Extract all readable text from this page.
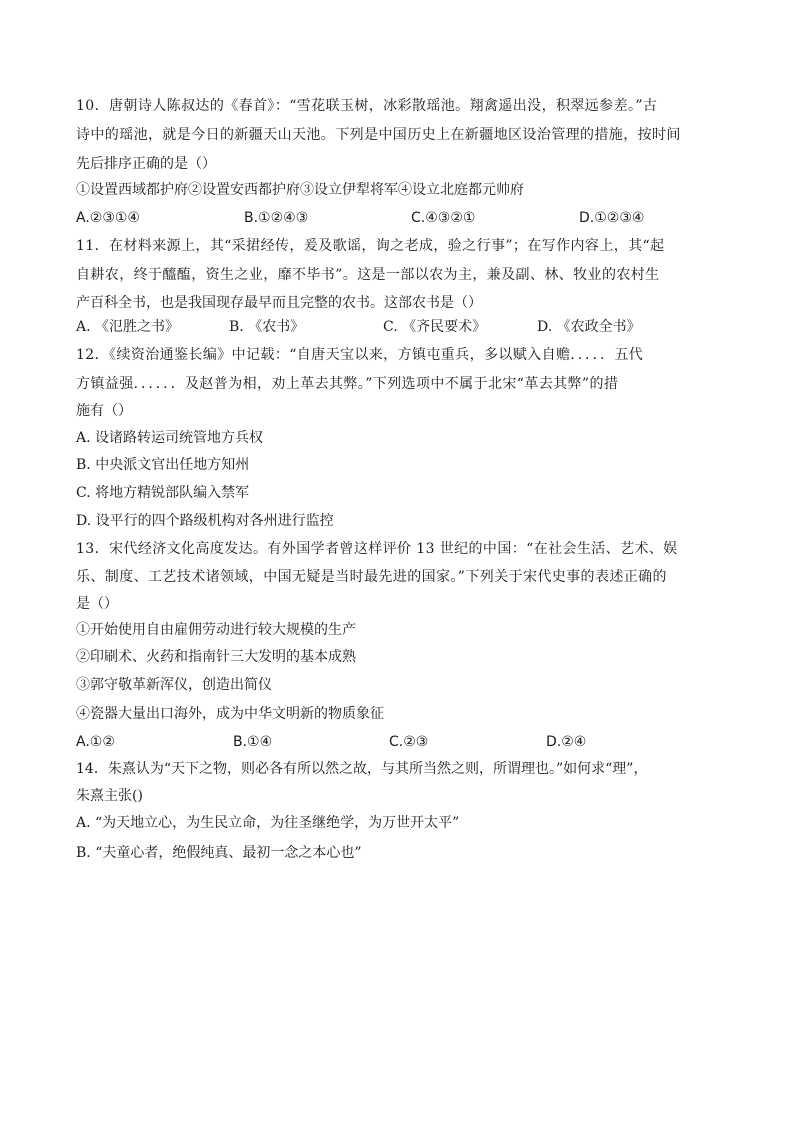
10．唐朝诗人陈叔达的《春首》：“雪花联玉树，冰彩散瑶池。翔禽遥出没，积翠远参差。”古
诗中的瑶池，就是今日的新疆天山天池。下列是中国历史上在新疆地区设治管理的措施，按时间
先后排序正确的是（）
①设置西域都护府②设置安西都护府③设立伊犁将军④设立北庭都元帅府
A.②③①④	B.①②④③	C.④③②①	D.①②③④
11．在材料来源上，其“采捃经传，爰及歌谣，询之老成，验之行事”；在写作内容上，其“起
自耕农，终于醯醢，资生之业，靡不毕书”。这是一部以农为主，兼及副、林、牧业的农村生
产百科全书，也是我国现存最早而且完整的农书。这部农书是（）
A. 《氾胜之书》	B. 《农书》	C. 《齐民要术》	D. 《农政全书》
12．《续资治通鉴长编》中记载：“自唐天宝以来，方镇屯重兵，多以赋入自赡．．．．．五代
方镇益强．．．．．．及赵普为相，劝上革去其弊。”下列选项中不属于北宋“革去其弊”的措
施有（）
A. 设诸路转运司统管地方兵权
B. 中央派文官出任地方知州
C. 将地方精锐部队编入禁军
D. 设平行的四个路级机构对各州进行监控
13．宋代经济文化高度发达。有外国学者曾这样评价 13 世纪的中国：“在社会生活、艺术、娱
乐、制度、工艺技术诸领域，中国无疑是当时最先进的国家。”下列关于宋代史事的表述正确的
是（）
①开始使用自由雇佣劳动进行较大规模的生产
②印刷术、火药和指南针三大发明的基本成熟
③郭守敬革新浑仪，创造出简仪
④瓷器大量出口海外，成为中华文明新的物质象征
A.①②	B.①④	C.②③	D.②④
14．朱熹认为“天下之物，则必各有所以然之故，与其所当然之则，所谓理也。”如何求“理”，
朱熹主张()
A. “为天地立心，为生民立命，为往圣继绝学，为万世开太平”
B. “夫童心者，绝假纯真、最初一念之本心也”
